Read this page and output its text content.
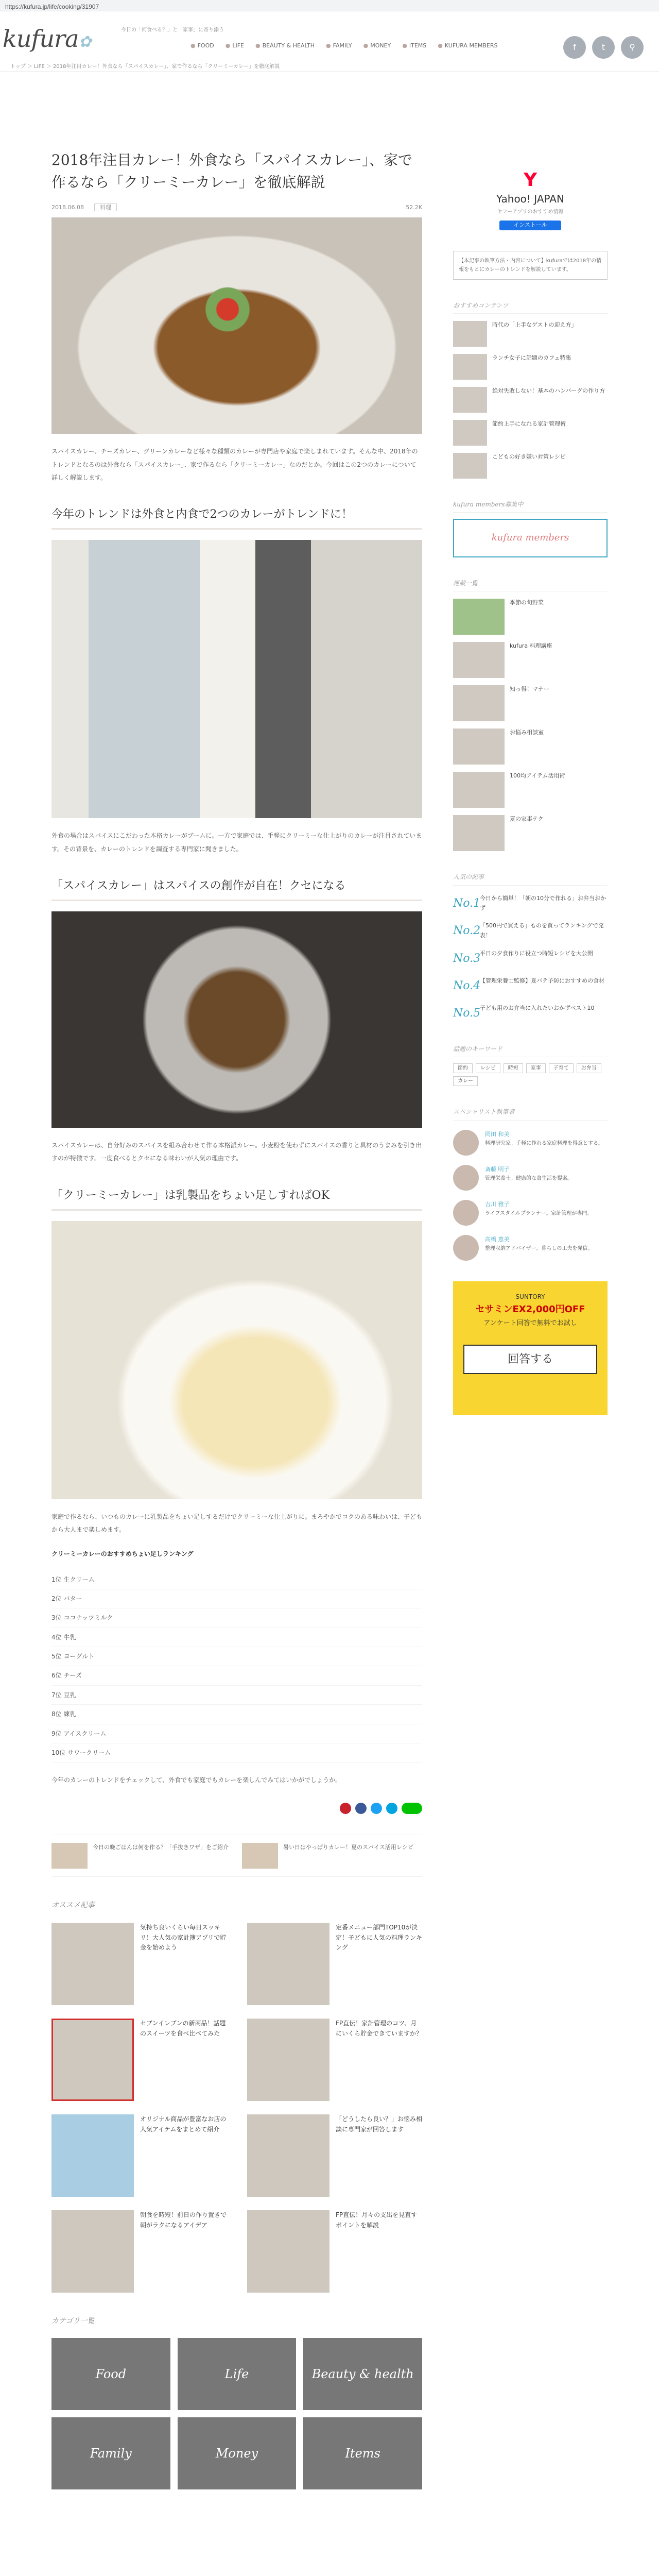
https://kufura.jp/life/cooking/31907
kufura✿
今日の「何食べる？」と「家事」に寄り添う
● FOOD ● LIFE ● BEAUTY & HEALTH ● FAMILY ● MONEY ● ITEMS ● KUFURA MEMBERS	f	t	⚲
トップ ＞ LIFE ＞ 2018年注目カレー！外食なら「スパイスカレー」、家で作るなら「クリーミーカレー」を徹底解説
2018年注目カレー！外食なら「スパイスカレー」、家で作るなら「クリーミーカレー」を徹底解説
2018.06.08	料理	52.2K

スパイスカレー、チーズカレー、グリーンカレーなど様々な種類のカレーが専門店や家庭で楽しまれています。そんな中、2018年のトレンドとなるのは外食なら「スパイスカレー」、家で作るなら「クリーミーカレー」なのだとか。今回はこの2つのカレーについて詳しく解説します。

今年のトレンドは外食と内食で2つのカレーがトレンドに！

外食の場合はスパイスにこだわった本格カレーがブームに。一方で家庭では、手軽にクリーミーな仕上がりのカレーが注目されています。その背景を、カレーのトレンドを調査する専門家に聞きました。

「スパイスカレー」はスパイスの創作が自在！クセになる

スパイスカレーは、自分好みのスパイスを組み合わせて作る本格派カレー。小麦粉を使わずにスパイスの香りと具材のうまみを引き出すのが特徴です。一度食べるとクセになる味わいが人気の理由です。

「クリーミーカレー」は乳製品をちょい足しすればOK

家庭で作るなら、いつものカレーに乳製品をちょい足しするだけでクリーミーな仕上がりに。まろやかでコクのある味わいは、子どもから大人まで楽しめます。

クリーミーカレーのおすすめちょい足しランキング

1位 生クリーム
2位 バター
3位 ココナッツミルク
4位 牛乳
5位 ヨーグルト
6位 チーズ
7位 豆乳
8位 練乳
9位 アイスクリーム
10位 サワークリーム

今年のカレーのトレンドをチェックして、外食でも家庭でもカレーを楽しんでみてはいかがでしょうか。

今日の晩ごはんは何を作る？「手抜きワザ」をご紹介	暑い日はやっぱりカレー！夏のスパイス活用レシピ
オススメ記事
気持ち良いくらい毎日スッキリ！大人気の家計簿アプリで貯金を始めよう
定番メニュー部門TOP10が決定！子どもに人気の料理ランキング
セブンイレブンの新商品！話題のスイーツを食べ比べてみた
FP直伝！家計管理のコツ、月にいくら貯金できていますか？
オリジナル商品が豊富なお店の人気アイテムをまとめて紹介
「どうしたら良い？」お悩み相談に専門家が回答します
朝食を時短！前日の作り置きで朝がラクになるアイデア
FP直伝！月々の支出を見直すポイントを解説
カテゴリ一覧
Food	Life	Beauty & health
Family	Money	Items
Y
Yahoo! JAPAN
ヤフーアプリのおすすめ情報
インストール
【本記事の執筆方法・内容について】kufuraでは2018年の情報をもとにカレーのトレンドを解説しています。
おすすめコンテンツ
時代の「上手なゲストの迎え方」
ランチ女子に話題のカフェ特集
絶対失敗しない！基本のハンバーグの作り方
節約上手になれる家計管理術
こどもの好き嫌い対策レシピ
kufura members募集中
kufura members
連載一覧
季節の旬野菜
kufura 料理講座
知っ得！マナー
お悩み相談室
100均アイテム活用術
夏の家事テク
人気の記事
No.1
今日から簡単！「朝の10分で作れる」お弁当おかず
No.2
「500円で買える」ものを買ってランキングで発表！
No.3
平日の夕食作りに役立つ時短レシピを大公開
No.4
【管理栄養士監修】夏バテ予防におすすめの食材
No.5
子ども用のお弁当に入れたいおかずベスト10
話題のキーワード
節約	レシピ	時短	家事	子育て	お弁当
カレー
スペシャリスト執筆者
岡田 和美
料理研究家。手軽に作れる家庭料理を得意とする。
斎藤 明子
管理栄養士。健康的な食生活を提案。
吉川 雅子
ライフスタイルプランナー。家計管理が専門。
高橋 恵美
整理収納アドバイザー。暮らしの工夫を発信。
SUNTORY
セサミンEX2,000円OFF
アンケート回答で無料でお試し
回答する
